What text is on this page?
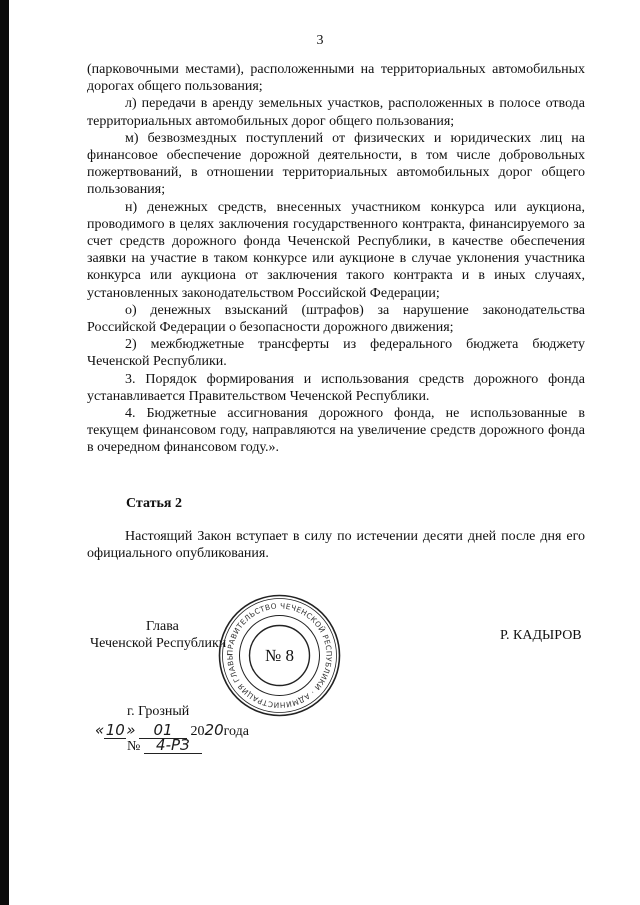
3

(парковочными местами), расположенными на территориальных автомобильных дорогах общего пользования;

л) передачи в аренду земельных участков, расположенных в полосе отвода территориальных автомобильных дорог общего пользования;

м) безвозмездных поступлений от физических и юридических лиц на финансовое обеспечение дорожной деятельности, в том числе добровольных пожертвований, в отношении территориальных автомобильных дорог общего пользования;

н) денежных средств, внесенных участником конкурса или аукциона, проводимого в целях заключения государственного контракта, финансируемого за счет средств дорожного фонда Чеченской Республики, в качестве обеспечения заявки на участие в таком конкурсе или аукционе в случае уклонения участника конкурса или аукциона от заключения такого контракта и в иных случаях, установленных законодательством Российской Федерации;

о) денежных взысканий (штрафов) за нарушение законодательства Российской Федерации о безопасности дорожного движения;

2) межбюджетные трансферты из федерального бюджета бюджету Чеченской Республики.

3. Порядок формирования и использования средств дорожного фонда устанавливается Правительством Чеченской Республики.

4. Бюджетные ассигнования дорожного фонда, не использованные в текущем финансовом году, направляются на увеличение средств дорожного фонда в очередном финансовом году.».

Статья 2

Настоящий Закон вступает в силу по истечении десяти дней после дня его официального опубликования.

Глава
Чеченской Республики
Р. КАДЫРОВ
ПРАВИТЕЛЬСТВО ЧЕЧЕНСКОЙ РЕСПУБЛИКИ · АДМИНИСТРАЦИЯ ГЛАВЫ	№ 8
г. Грозный
«10» 01 2020года
№ 4-РЗ
